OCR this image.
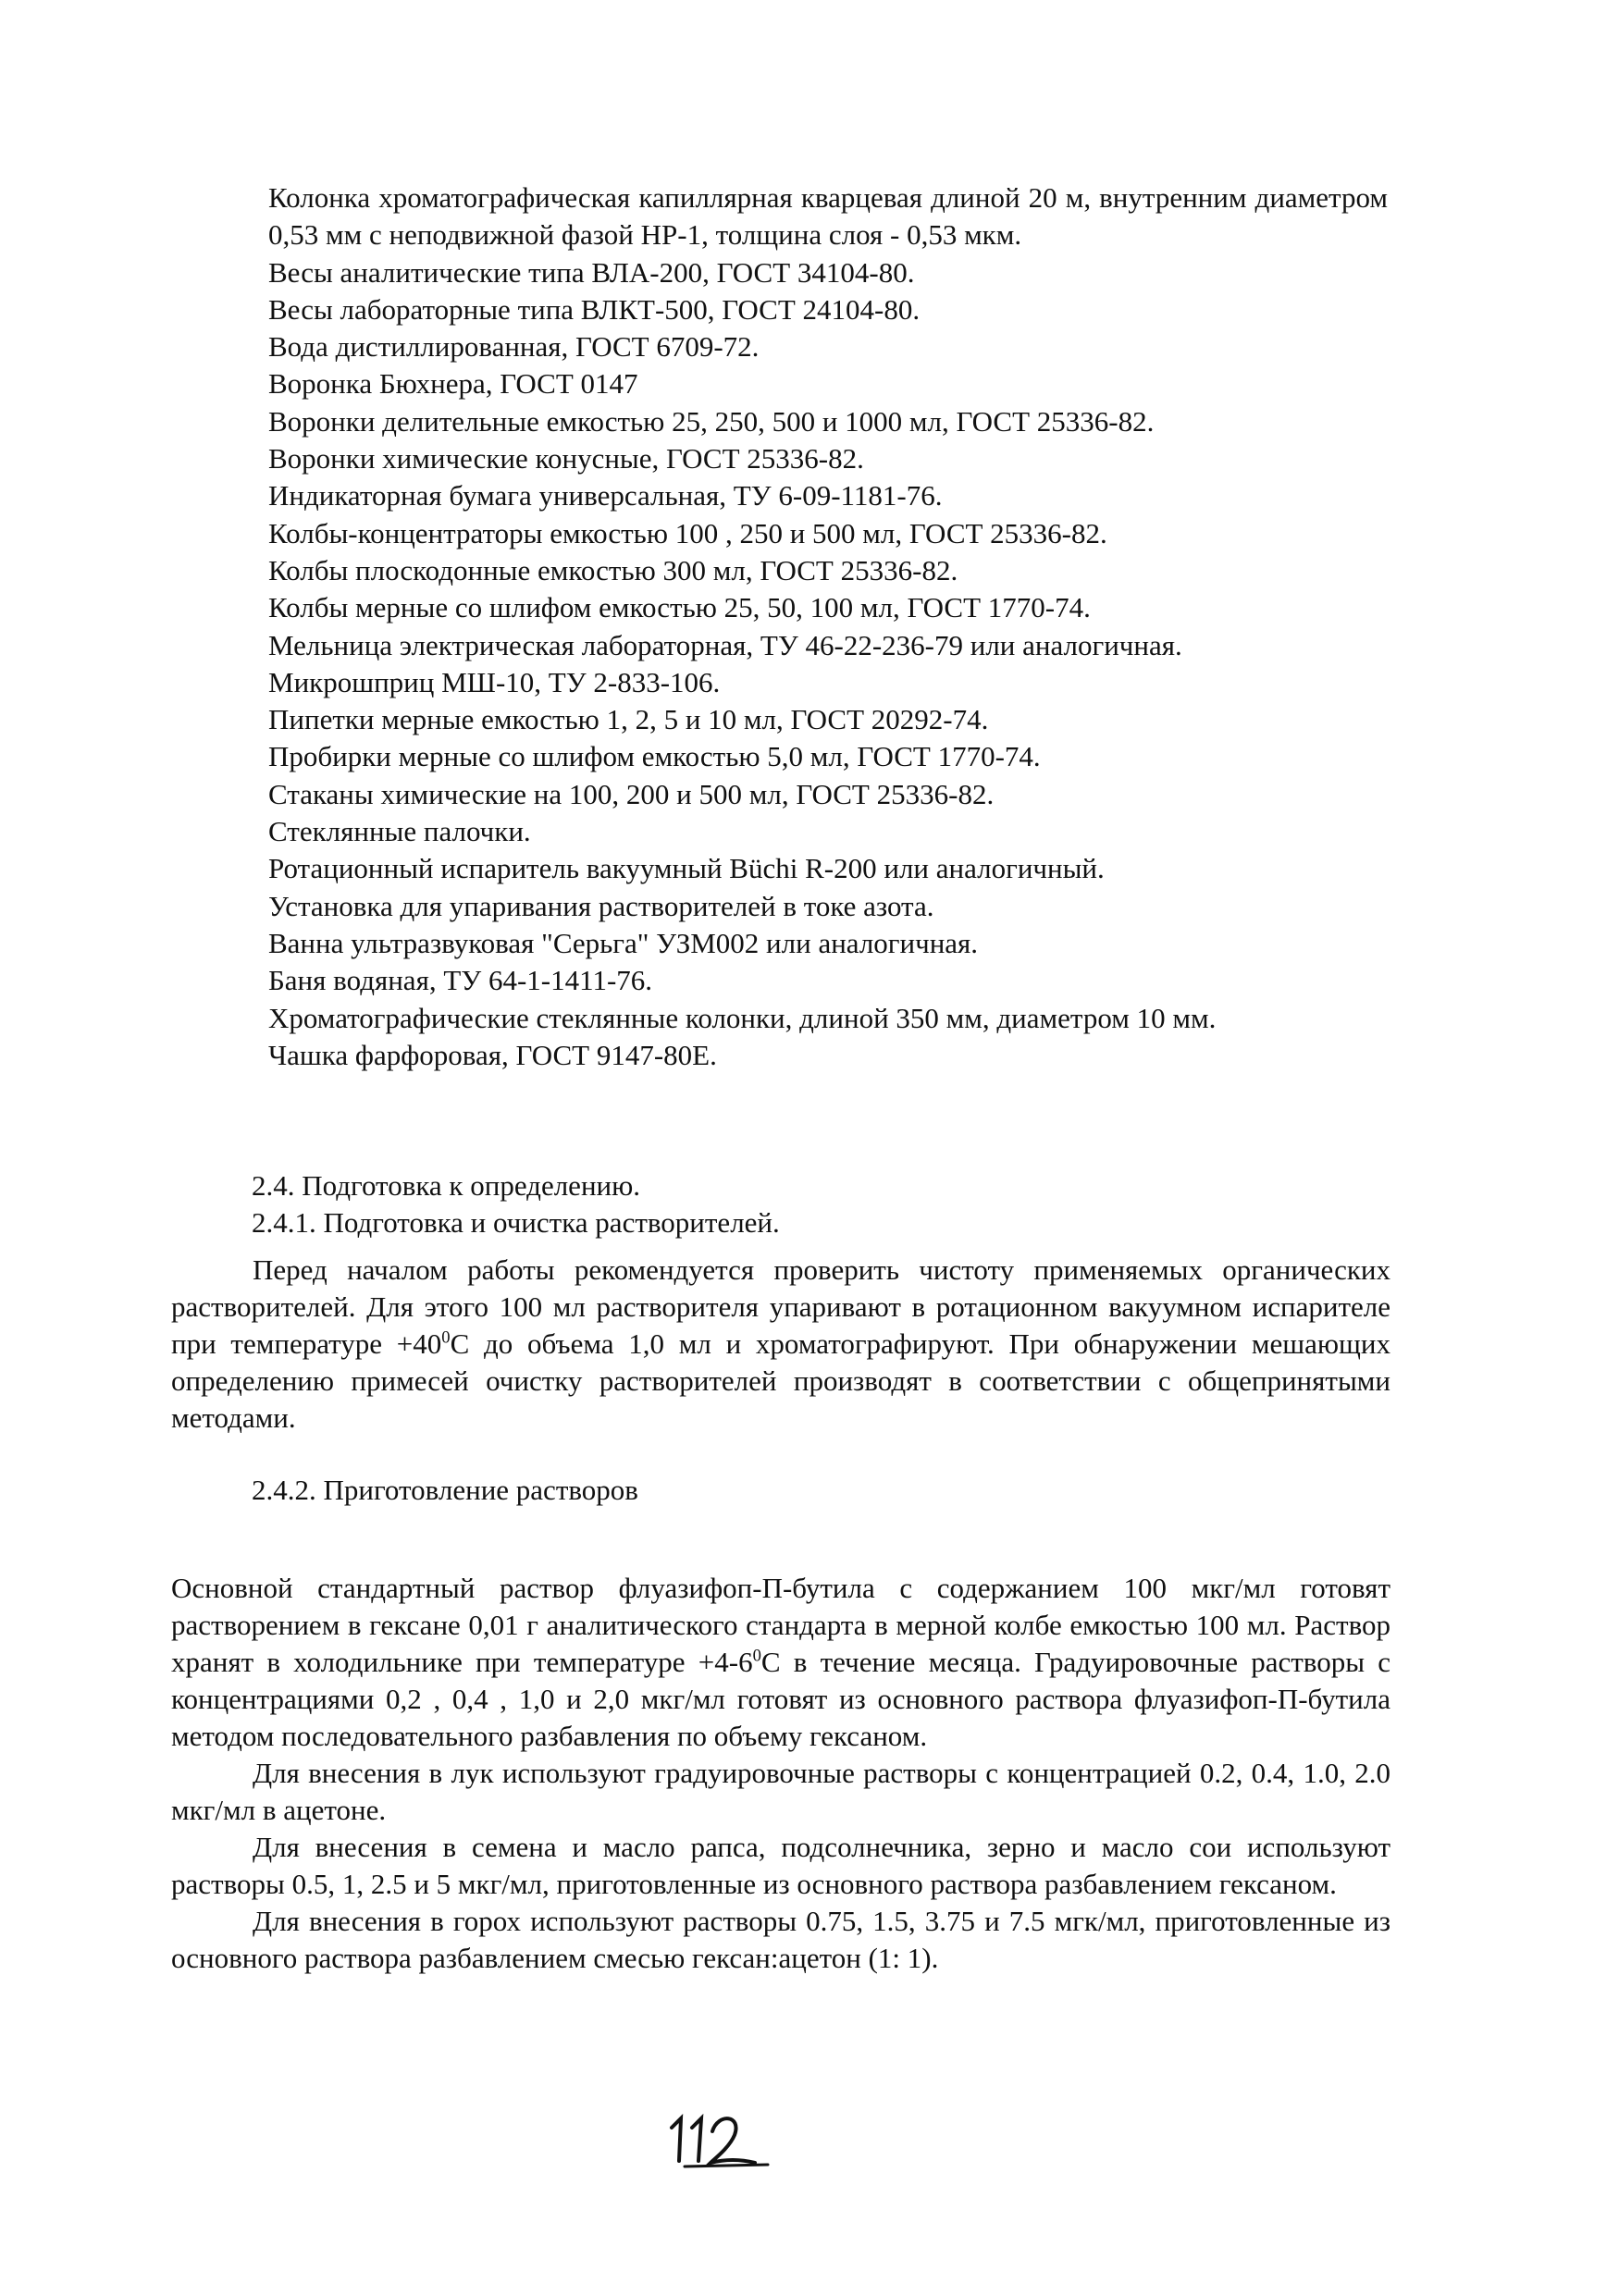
Колонка хроматографическая капиллярная кварцевая длиной 20 м, внутренним диаметром 0,53 мм с неподвижной фазой HP-1, толщина слоя - 0,53 мкм.
Весы аналитические типа ВЛА-200, ГОСТ 34104-80.
Весы лабораторные типа ВЛКТ-500, ГОСТ 24104-80.
Вода дистиллированная, ГОСТ 6709-72.
Воронка Бюхнера, ГОСТ 0147
Воронки делительные емкостью 25, 250, 500 и 1000 мл, ГОСТ 25336-82.
Воронки химические конусные, ГОСТ 25336-82.
Индикаторная бумага универсальная, ТУ 6-09-1181-76.
Колбы-концентраторы емкостью 100 , 250 и 500 мл, ГОСТ 25336-82.
Колбы плоскодонные емкостью 300 мл, ГОСТ 25336-82.
Колбы мерные со шлифом емкостью 25, 50, 100 мл, ГОСТ 1770-74.
Мельница электрическая лабораторная, ТУ 46-22-236-79 или аналогичная.
Микрошприц МШ-10, ТУ 2-833-106.
Пипетки мерные емкостью 1, 2, 5 и 10 мл, ГОСТ 20292-74.
Пробирки мерные со шлифом емкостью 5,0 мл, ГОСТ 1770-74.
Стаканы химические на 100, 200 и 500 мл, ГОСТ 25336-82.
Стеклянные палочки.
Ротационный испаритель вакуумный Büchi R-200 или аналогичный.
Установка для упаривания растворителей в токе азота.
Ванна ультразвуковая "Серьга" УЗМ002 или аналогичная.
Баня водяная, ТУ 64-1-1411-76.
Хроматографические стеклянные колонки, длиной 350 мм, диаметром 10 мм.
Чашка фарфоровая, ГОСТ 9147-80Е.
2.4. Подготовка к определению.
2.4.1. Подготовка и очистка растворителей.

Перед началом работы рекомендуется проверить чистоту применяемых органических растворителей. Для этого 100 мл растворителя упаривают в ротационном вакуумном испарителе при температуре $+40^0С$ до объема 1,0 мл и хроматографируют. При обнаружении мешающих определению примесей очистку растворителей производят в соответствии с общепринятыми методами.

2.4.2. Приготовление растворов

Основной стандартный раствор флуазифоп-П-бутила с содержанием 100 мкг/мл готовят растворением в гексане 0,01 г аналитического стандарта в мерной колбе емкостью 100 мл. Раствор хранят в холодильнике при температуре $+4-6^0С$ в течение месяца. Градуировочные растворы с концентрациями 0,2 , 0,4 , 1,0 и 2,0 мкг/мл готовят из основного раствора флуазифоп-П-бутила методом последовательного разбавления по объему гексаном.

Для внесения в лук используют градуировочные растворы с концентрацией 0.2, 0.4, 1.0, 2.0 мкг/мл в ацетоне.

Для внесения в семена и масло рапса, подсолнечника, зерно и масло сои используют растворы 0.5, 1, 2.5 и 5 мкг/мл, приготовленные из основного раствора разбавлением гексаном.

Для внесения в горох используют растворы 0.75, 1.5, 3.75 и 7.5 мгк/мл, приготовленные из основного раствора разбавлением смесью гексан:ацетон (1: 1).
